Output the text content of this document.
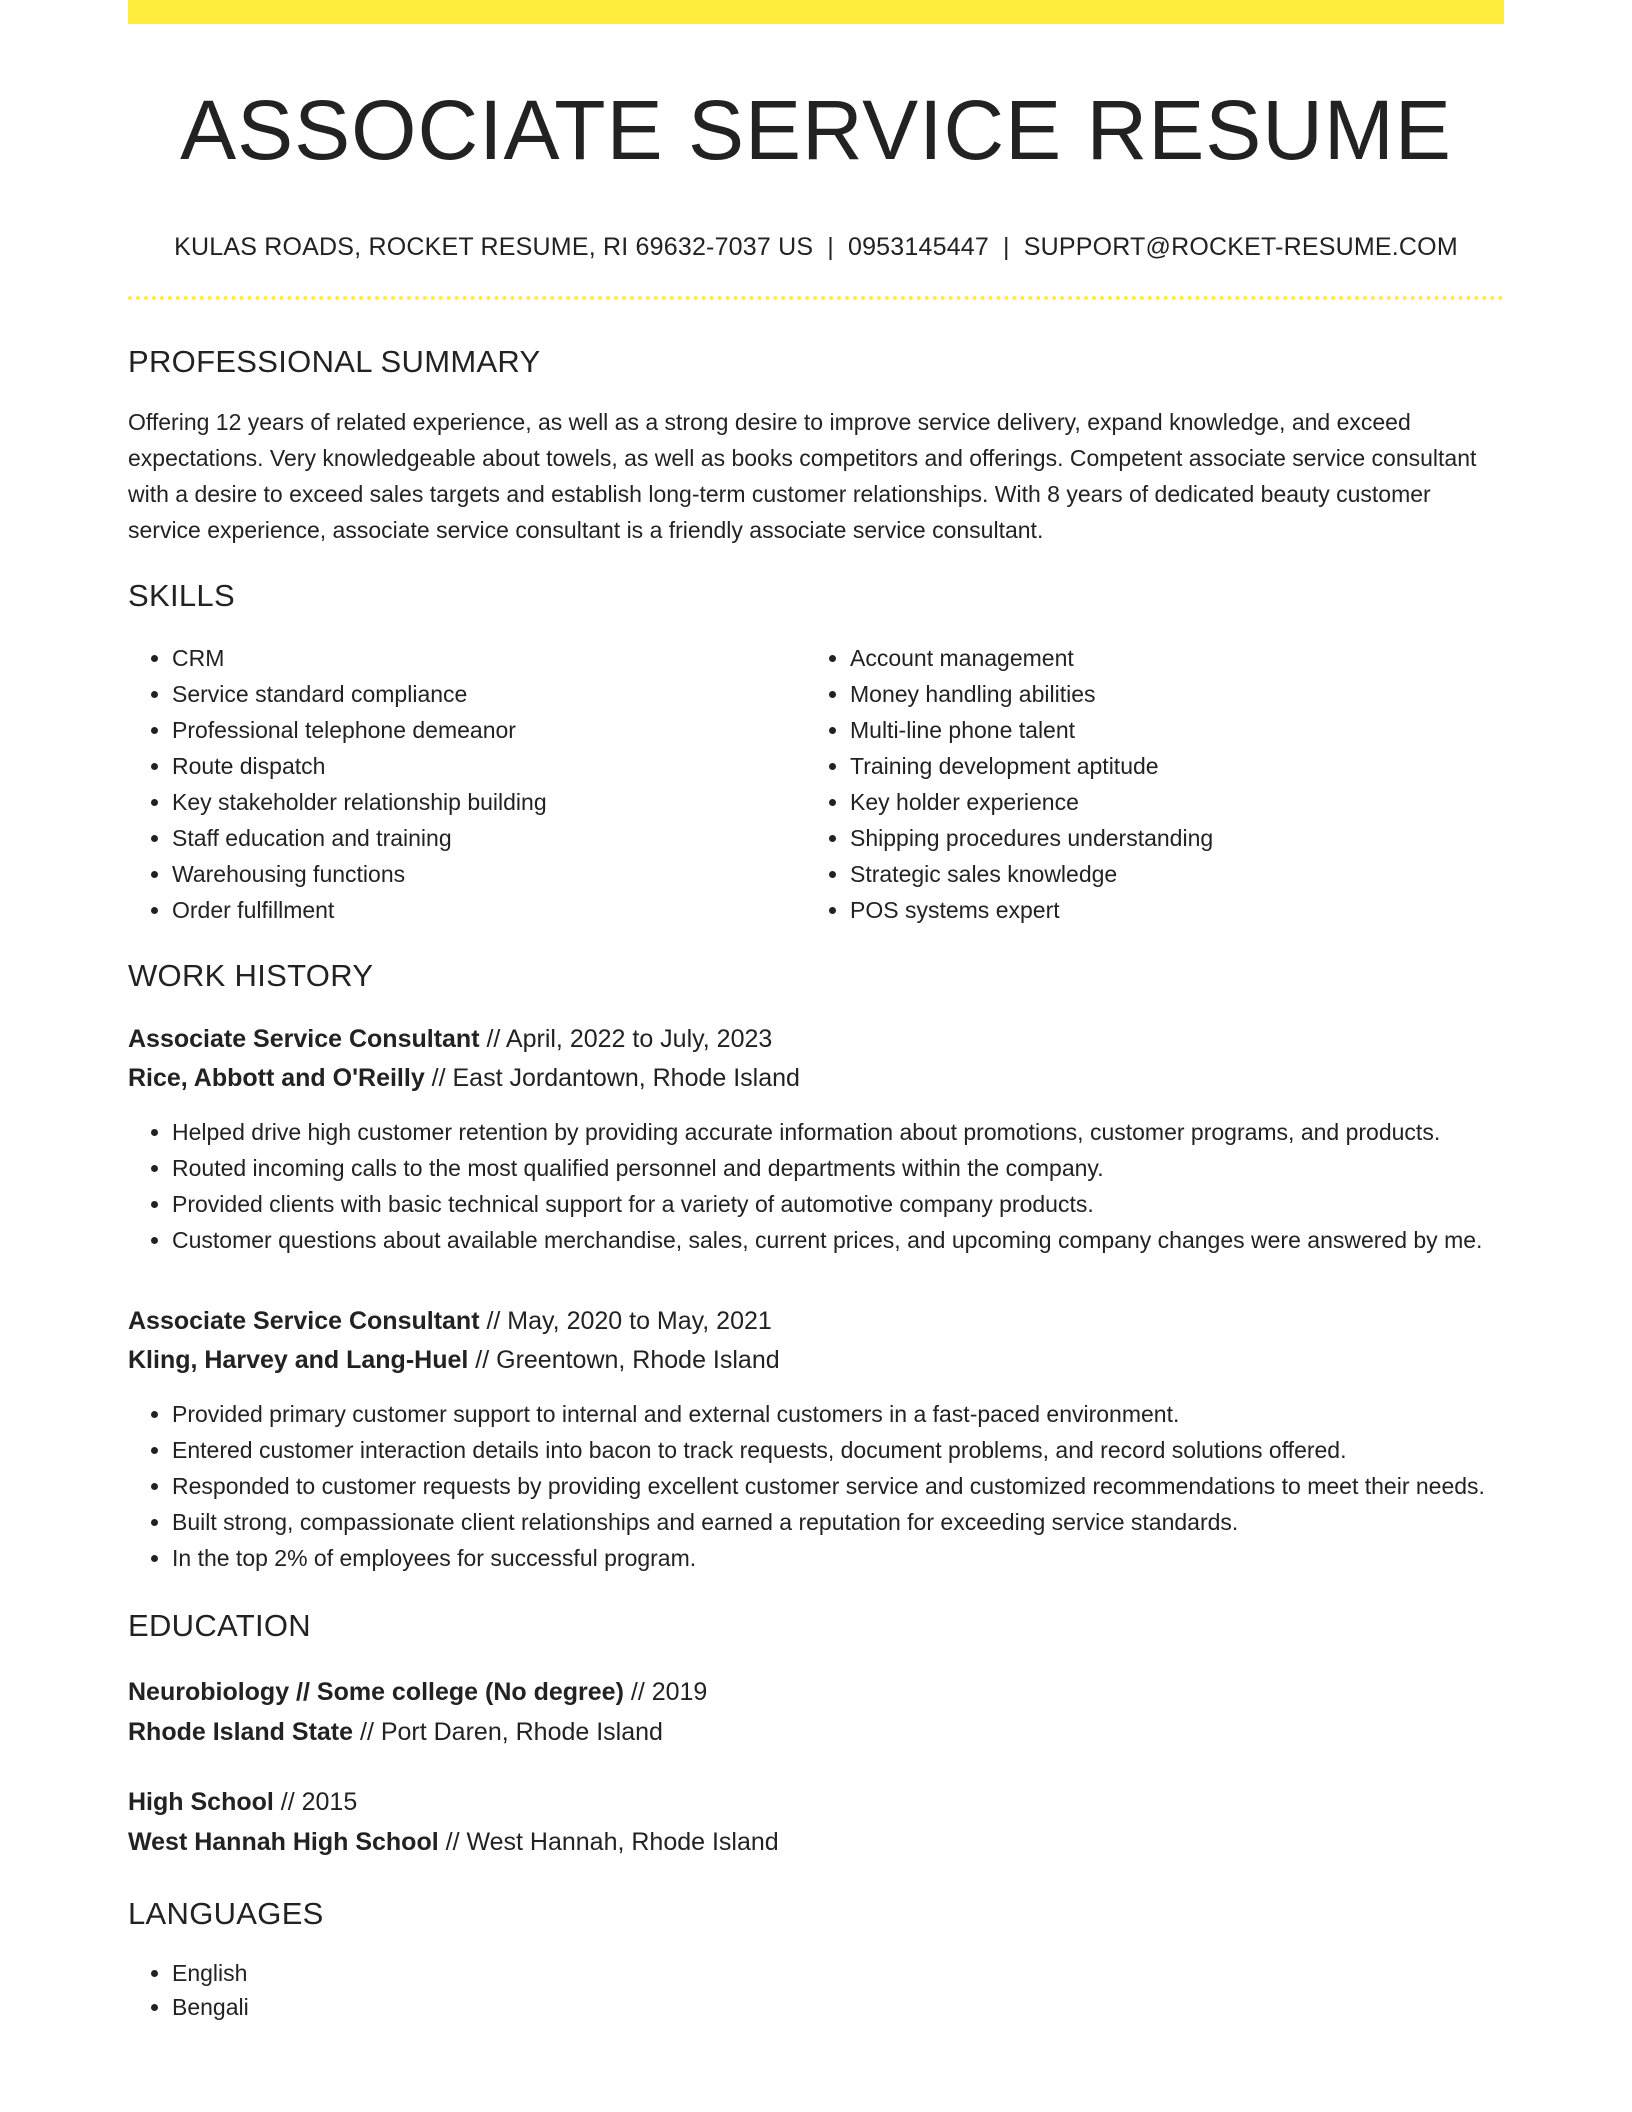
ASSOCIATE SERVICE RESUME
KULAS ROADS, ROCKET RESUME, RI 69632-7037 US | 0953145447 | SUPPORT@ROCKET-RESUME.COM
PROFESSIONAL SUMMARY

Offering 12 years of related experience, as well as a strong desire to improve service delivery, expand knowledge, and exceed expectations. Very knowledgeable about towels, as well as books competitors and offerings. Competent associate service consultant with a desire to exceed sales targets and establish long-term customer relationships. With 8 years of dedicated beauty customer service experience, associate service consultant is a friendly associate service consultant.

SKILLS
• CRM
• Service standard compliance
• Professional telephone demeanor
• Route dispatch
• Key stakeholder relationship building
• Staff education and training
• Warehousing functions
• Order fulfillment
• Account management
• Money handling abilities
• Multi-line phone talent
• Training development aptitude
• Key holder experience
• Shipping procedures understanding
• Strategic sales knowledge
• POS systems expert
WORK HISTORY
Associate Service Consultant // April, 2022 to July, 2023
Rice, Abbott and O'Reilly // East Jordantown, Rhode Island
• Helped drive high customer retention by providing accurate information about promotions, customer programs, and products.
• Routed incoming calls to the most qualified personnel and departments within the company.
• Provided clients with basic technical support for a variety of automotive company products.
• Customer questions about available merchandise, sales, current prices, and upcoming company changes were answered by me.
Associate Service Consultant // May, 2020 to May, 2021
Kling, Harvey and Lang-Huel // Greentown, Rhode Island
• Provided primary customer support to internal and external customers in a fast-paced environment.
• Entered customer interaction details into bacon to track requests, document problems, and record solutions offered.
• Responded to customer requests by providing excellent customer service and customized recommendations to meet their needs.
• Built strong, compassionate client relationships and earned a reputation for exceeding service standards.
• In the top 2% of employees for successful program.
EDUCATION
Neurobiology // Some college (No degree) // 2019
Rhode Island State // Port Daren, Rhode Island
High School // 2015
West Hannah High School // West Hannah, Rhode Island
LANGUAGES
• English
• Bengali
